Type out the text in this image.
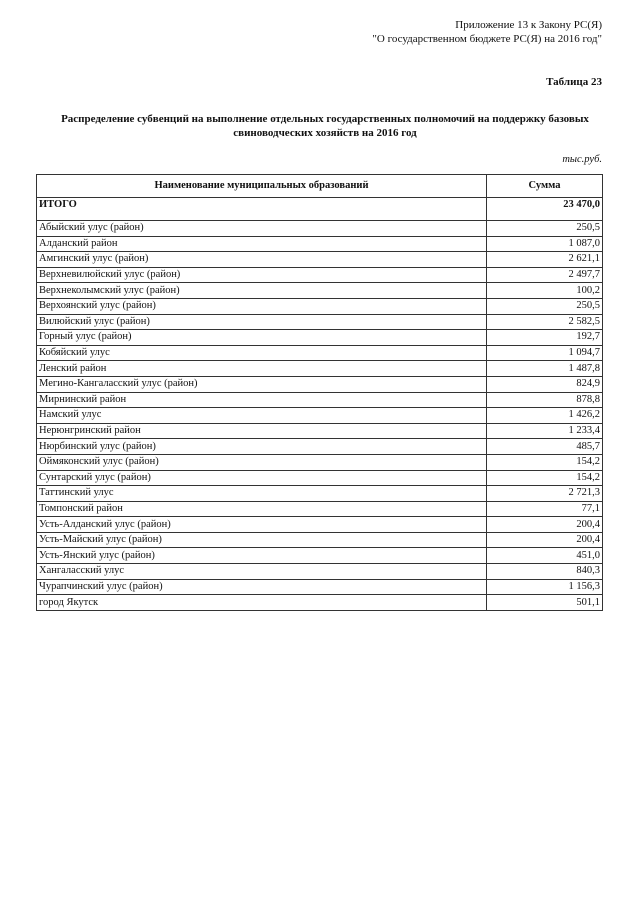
Приложение 13 к Закону РС(Я)
"О государственном бюджете РС(Я) на 2016 год"
Таблица 23
Распределение субвенций на выполнение отдельных государственных полномочий на поддержку базовых
свиноводческих хозяйств на 2016 год
тыс.руб.
Наименование муниципальных образований	Сумма
ИТОГО	23 470,0
Абыйский улус (район)	250,5
Алданский район	1 087,0
Амгинский улус (район)	2 621,1
Верхневилюйский улус (район)	2 497,7
Верхнеколымский улус (район)	100,2
Верхоянский улус (район)	250,5
Вилюйский улус (район)	2 582,5
Горный улус (район)	192,7
Кобяйский улус	1 094,7
Ленский район	1 487,8
Мегино-Кангаласский улус (район)	824,9
Мирнинский район	878,8
Намский улус	1 426,2
Нерюнгринский район	1 233,4
Нюрбинский улус (район)	485,7
Оймяконский улус (район)	154,2
Сунтарский улус (район)	154,2
Таттинский улус	2 721,3
Томпонский район	77,1
Усть-Алданский улус (район)	200,4
Усть-Майский улус (район)	200,4
Усть-Янский улус (район)	451,0
Хангаласский улус	840,3
Чурапчинский улус (район)	1 156,3
город Якутск	501,1
